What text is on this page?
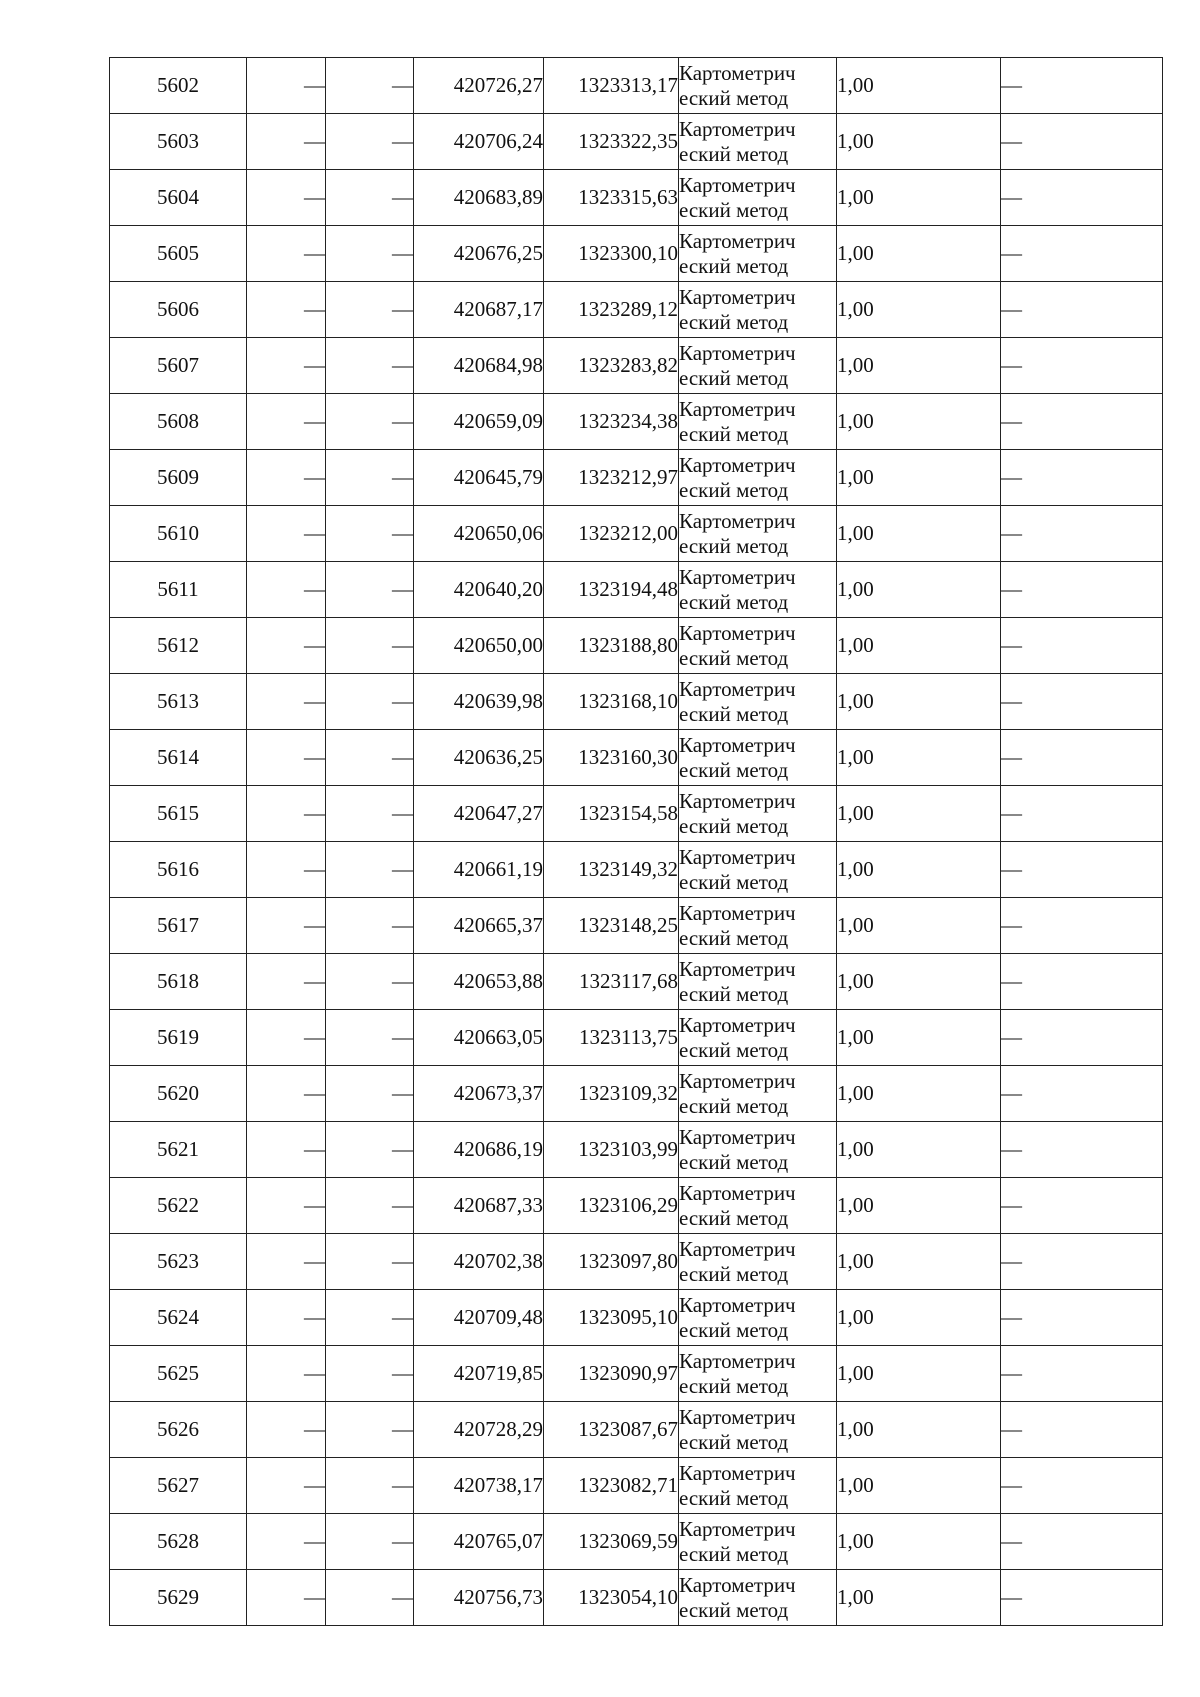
5602	—	—	420726,27	1323313,17	Картометрич
еский метод	1,00	—
5603	—	—	420706,24	1323322,35	Картометрич
еский метод	1,00	—
5604	—	—	420683,89	1323315,63	Картометрич
еский метод	1,00	—
5605	—	—	420676,25	1323300,10	Картометрич
еский метод	1,00	—
5606	—	—	420687,17	1323289,12	Картометрич
еский метод	1,00	—
5607	—	—	420684,98	1323283,82	Картометрич
еский метод	1,00	—
5608	—	—	420659,09	1323234,38	Картометрич
еский метод	1,00	—
5609	—	—	420645,79	1323212,97	Картометрич
еский метод	1,00	—
5610	—	—	420650,06	1323212,00	Картометрич
еский метод	1,00	—
5611	—	—	420640,20	1323194,48	Картометрич
еский метод	1,00	—
5612	—	—	420650,00	1323188,80	Картометрич
еский метод	1,00	—
5613	—	—	420639,98	1323168,10	Картометрич
еский метод	1,00	—
5614	—	—	420636,25	1323160,30	Картометрич
еский метод	1,00	—
5615	—	—	420647,27	1323154,58	Картометрич
еский метод	1,00	—
5616	—	—	420661,19	1323149,32	Картометрич
еский метод	1,00	—
5617	—	—	420665,37	1323148,25	Картометрич
еский метод	1,00	—
5618	—	—	420653,88	1323117,68	Картометрич
еский метод	1,00	—
5619	—	—	420663,05	1323113,75	Картометрич
еский метод	1,00	—
5620	—	—	420673,37	1323109,32	Картометрич
еский метод	1,00	—
5621	—	—	420686,19	1323103,99	Картометрич
еский метод	1,00	—
5622	—	—	420687,33	1323106,29	Картометрич
еский метод	1,00	—
5623	—	—	420702,38	1323097,80	Картометрич
еский метод	1,00	—
5624	—	—	420709,48	1323095,10	Картометрич
еский метод	1,00	—
5625	—	—	420719,85	1323090,97	Картометрич
еский метод	1,00	—
5626	—	—	420728,29	1323087,67	Картометрич
еский метод	1,00	—
5627	—	—	420738,17	1323082,71	Картометрич
еский метод	1,00	—
5628	—	—	420765,07	1323069,59	Картометрич
еский метод	1,00	—
5629	—	—	420756,73	1323054,10	Картометрич
еский метод	1,00	—
